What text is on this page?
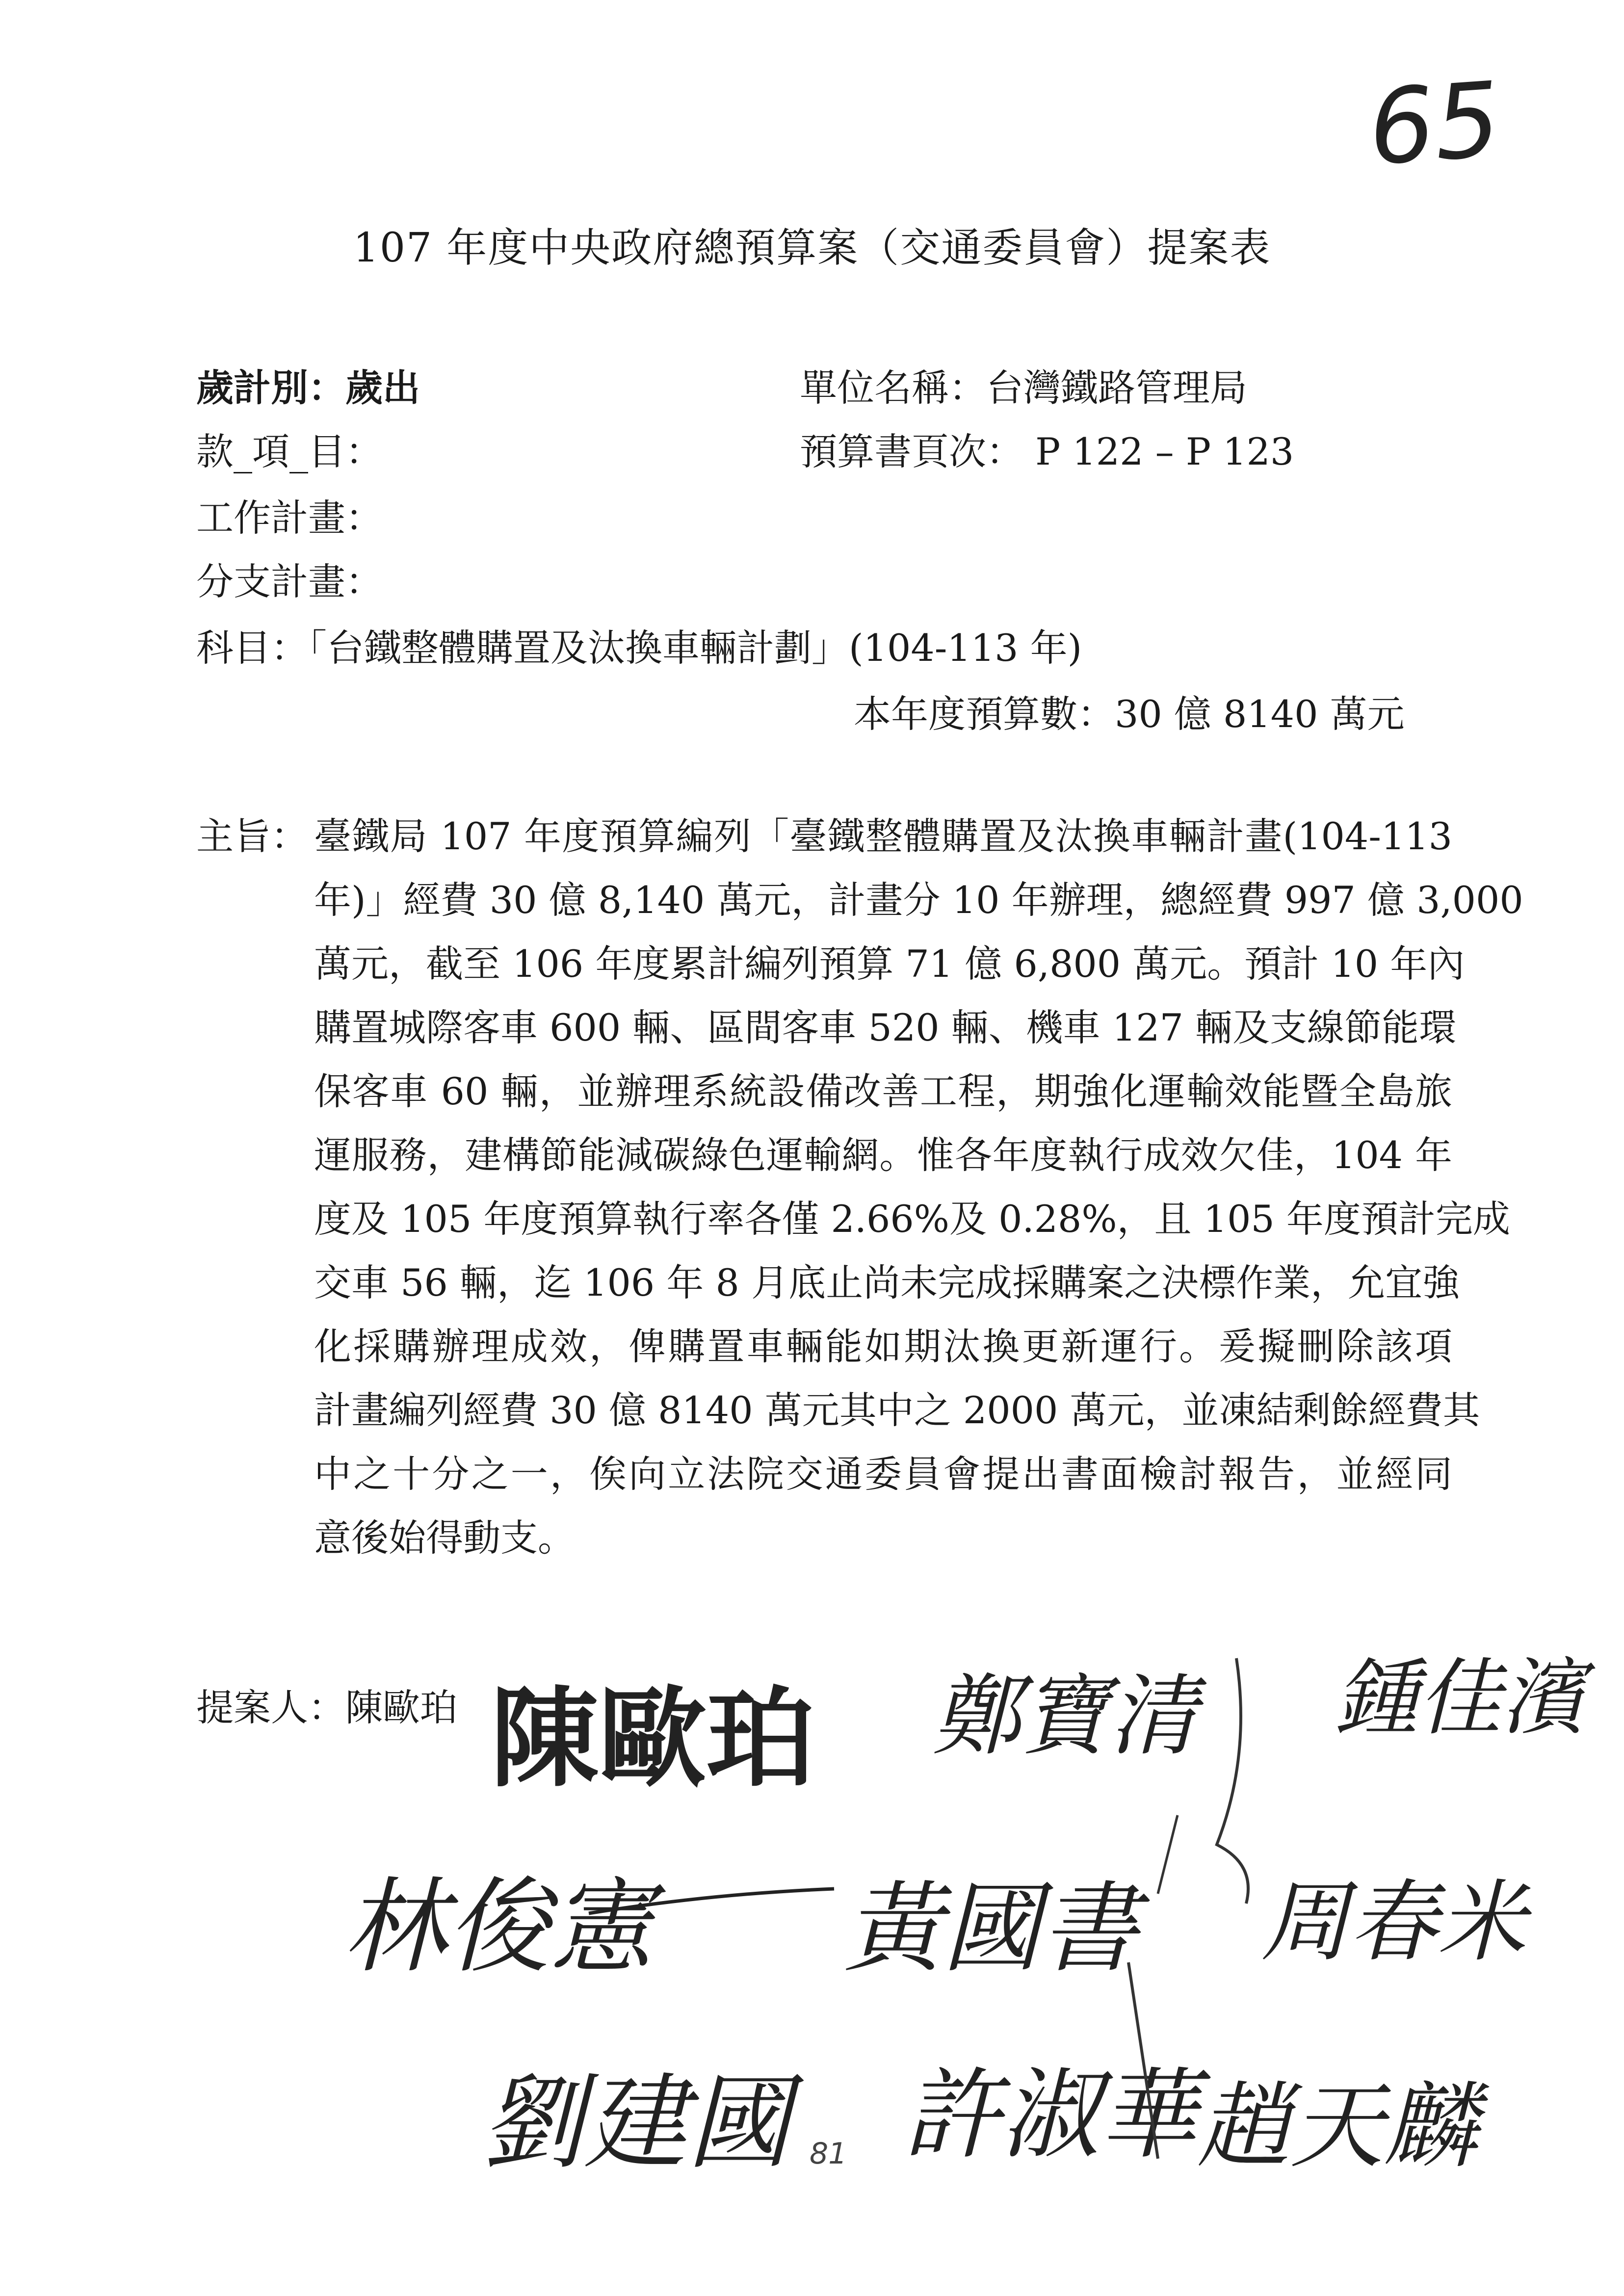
65
107 年度中央政府總預算案（交通委員會）提案表
歲計別：歲出	單位名稱：台灣鐵路管理局
款_項_目：	預算書頁次： P 122 – P 123
工作計畫：
分支計畫：
科目：「台鐵整體購置及汰換車輛計劃」(104-113 年)
本年度預算數：30 億 8140 萬元
主旨： 臺鐵局 107 年度預算編列「臺鐵整體購置及汰換車輛計畫(104-113
年)」經費 30 億 8,140 萬元，計畫分 10 年辦理，總經費 997 億 3,000
萬元，截至 106 年度累計編列預算 71 億 6,800 萬元。預計 10 年內
購置城際客車 600 輛、區間客車 520 輛、機車 127 輛及支線節能環
保客車 60 輛，並辦理系統設備改善工程，期強化運輸效能暨全島旅
運服務，建構節能減碳綠色運輸網。惟各年度執行成效欠佳，104 年
度及 105 年度預算執行率各僅 2.66%及 0.28%，且 105 年度預計完成
交車 56 輛，迄 106 年 8 月底止尚未完成採購案之決標作業，允宜強
化採購辦理成效，俾購置車輛能如期汰換更新運行。爰擬刪除該項
計畫編列經費 30 億 8140 萬元其中之 2000 萬元，並凍結剩餘經費其
中之十分之一，俟向立法院交通委員會提出書面檢討報告，並經同
意後始得動支。
提案人：陳歐珀 陳歐珀 鄭寶清 鍾佳濱
林俊憲 黃國書 周春米
劉建國 許淑華 趙天麟
81
